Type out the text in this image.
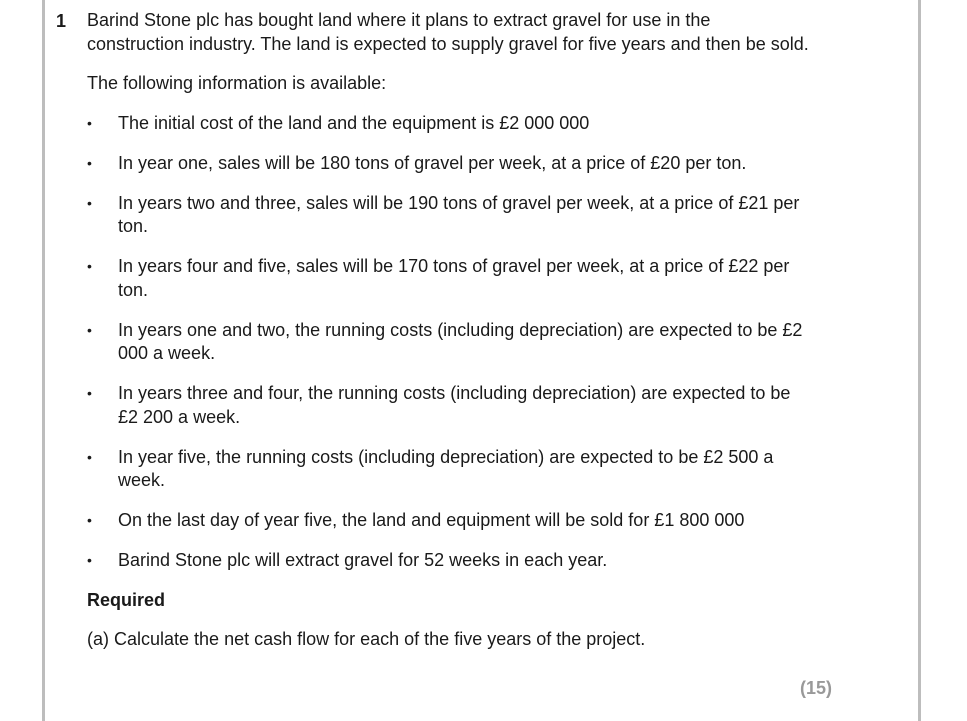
1 Barind Stone plc has bought land where it plans to extract gravel for use in the construction industry. The land is expected to supply gravel for five years and then be sold.

The following information is available:

• The initial cost of the land and the equipment is £2 000 000
• In year one, sales will be 180 tons of gravel per week, at a price of £20 per ton.
• In years two and three, sales will be 190 tons of gravel per week, at a price of £21 per ton.
• In years four and five, sales will be 170 tons of gravel per week, at a price of £22 per ton.
• In years one and two, the running costs (including depreciation) are expected to be £2 000 a week.
• In years three and four, the running costs (including depreciation) are expected to be £2 200 a week.
• In year five, the running costs (including depreciation) are expected to be £2 500 a week.
• On the last day of year five, the land and equipment will be sold for £1 800 000
• Barind Stone plc will extract gravel for 52 weeks in each year.

Required

(a) Calculate the net cash flow for each of the five years of the project.

(15)
